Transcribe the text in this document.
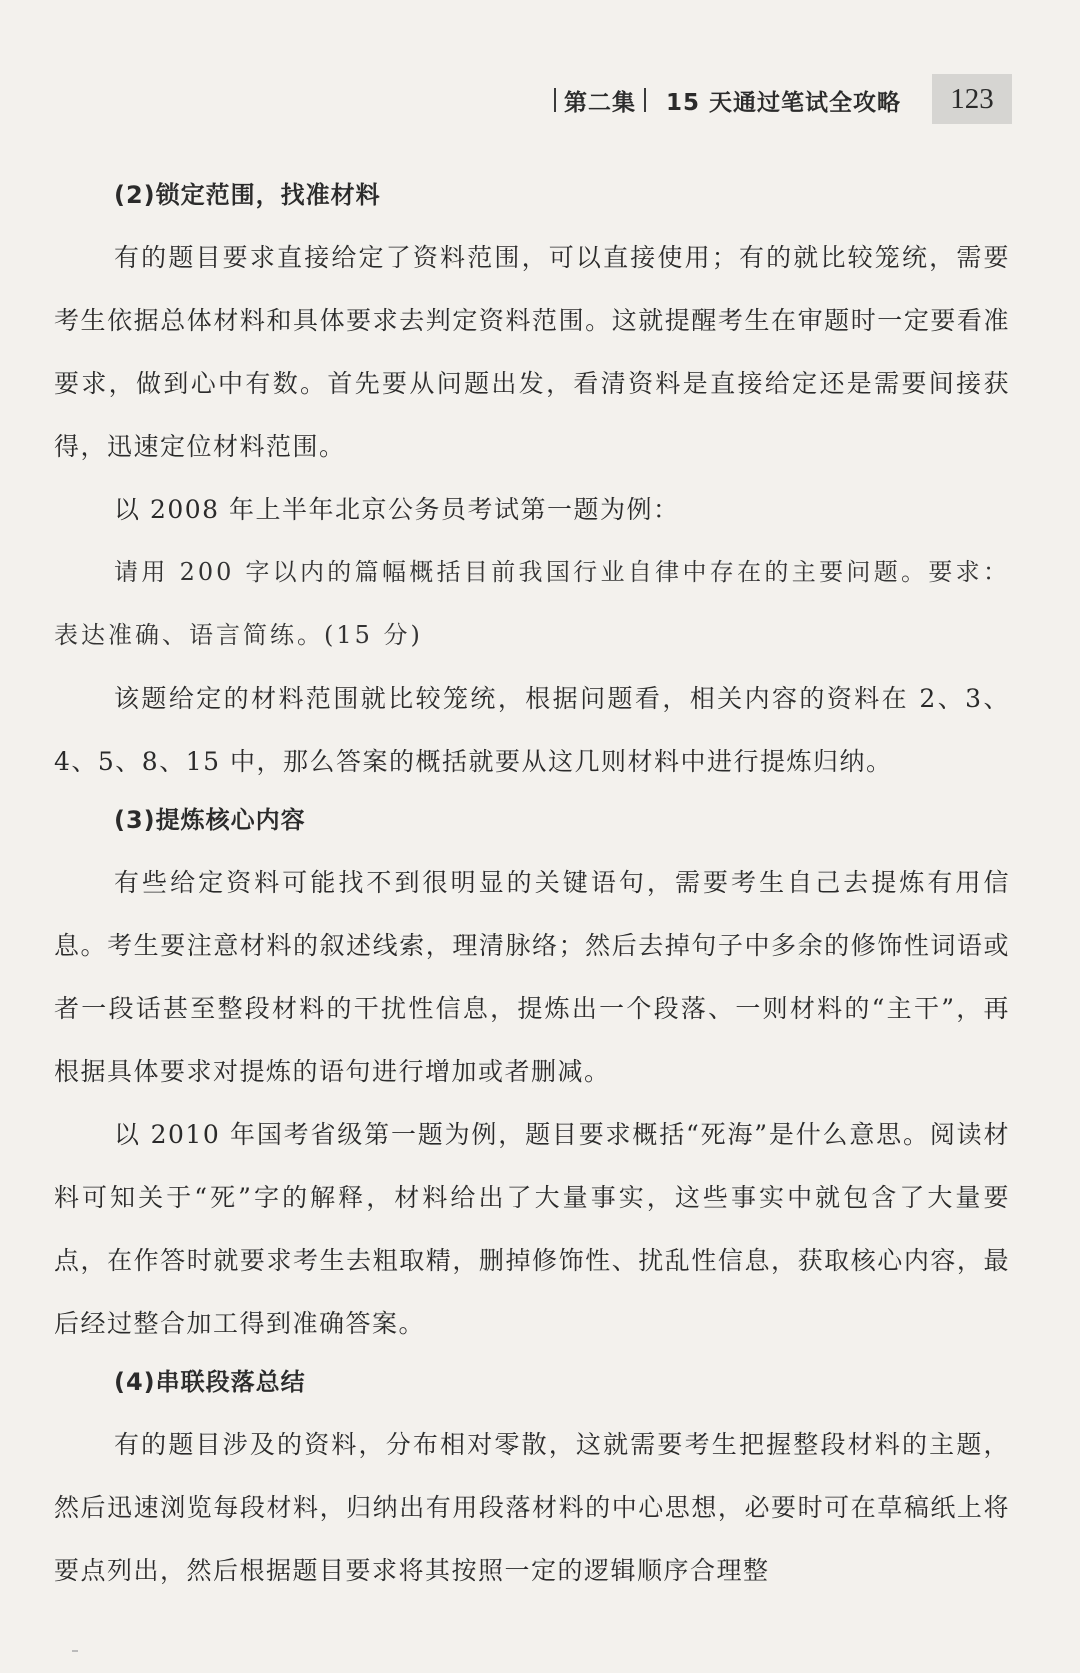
第二集 15 天通过笔试全攻略	123

(2)锁定范围，找准材料

有的题目要求直接给定了资料范围，可以直接使用；有的就比较笼统，需要考生依据总体材料和具体要求去判定资料范围。这就提醒考生在审题时一定要看准要求，做到心中有数。首先要从问题出发，看清资料是直接给定还是需要间接获得，迅速定位材料范围。

以 2008 年上半年北京公务员考试第一题为例：

请用 200 字以内的篇幅概括目前我国行业自律中存在的主要问题。要求：表达准确、语言简练。(15 分)

该题给定的材料范围就比较笼统，根据问题看，相关内容的资料在 2、3、4、5、8、15 中，那么答案的概括就要从这几则材料中进行提炼归纳。

(3)提炼核心内容

有些给定资料可能找不到很明显的关键语句，需要考生自己去提炼有用信息。考生要注意材料的叙述线索，理清脉络；然后去掉句子中多余的修饰性词语或者一段话甚至整段材料的干扰性信息，提炼出一个段落、一则材料的“主干”，再根据具体要求对提炼的语句进行增加或者删减。

以 2010 年国考省级第一题为例，题目要求概括“死海”是什么意思。阅读材料可知关于“死”字的解释，材料给出了大量事实，这些事实中就包含了大量要点，在作答时就要求考生去粗取精，删掉修饰性、扰乱性信息，获取核心内容，最后经过整合加工得到准确答案。

(4)串联段落总结

有的题目涉及的资料，分布相对零散，这就需要考生把握整段材料的主题，然后迅速浏览每段材料，归纳出有用段落材料的中心思想，必要时可在草稿纸上将要点列出，然后根据题目要求将其按照一定的逻辑顺序合理整
